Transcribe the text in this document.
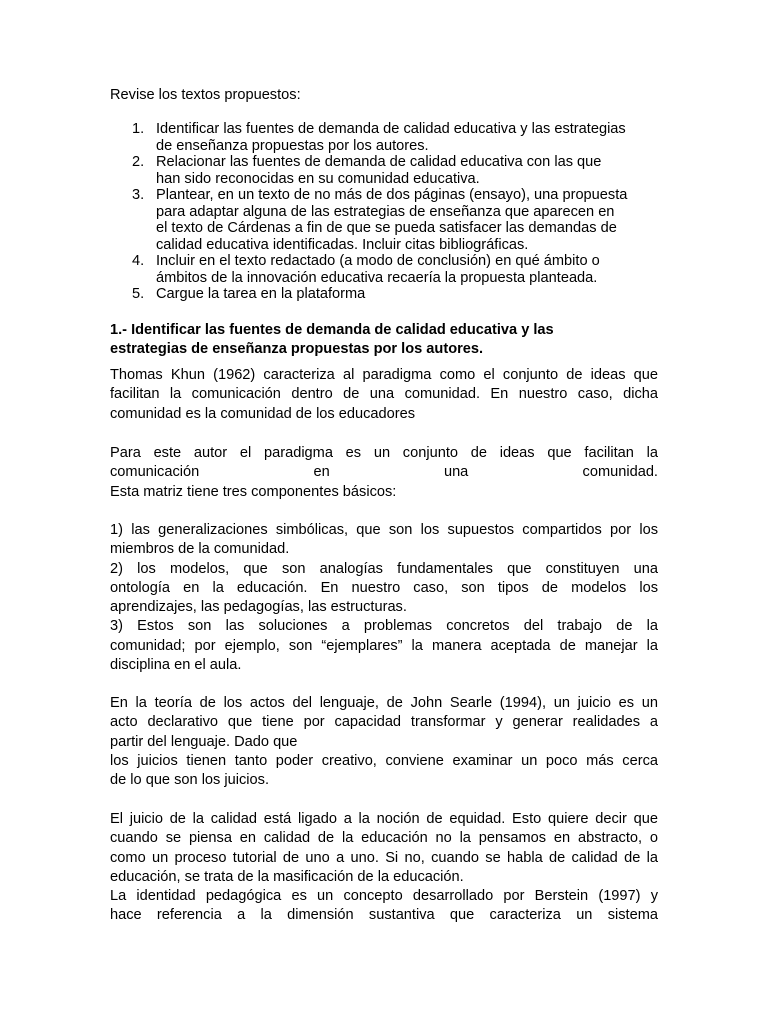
Revise los textos propuestos:
1. Identificar las fuentes de demanda de calidad educativa y las estrategias
de enseñanza propuestas por los autores.
2. Relacionar las fuentes de demanda de calidad educativa con las que
han sido reconocidas en su comunidad educativa.
3. Plantear, en un texto de no más de dos páginas (ensayo), una propuesta
para adaptar alguna de las estrategias de enseñanza que aparecen en
el texto de Cárdenas a fin de que se pueda satisfacer las demandas de
calidad educativa identificadas. Incluir citas bibliográficas.
4. Incluir en el texto redactado (a modo de conclusión) en qué ámbito o
ámbitos de la innovación educativa recaería la propuesta planteada.
5. Cargue la tarea en la plataforma
1.- Identificar las fuentes de demanda de calidad educativa y las
estrategias de enseñanza propuestas por los autores.
Thomas Khun (1962) caracteriza al paradigma como el conjunto de ideas que
facilitan la comunicación dentro de una comunidad. En nuestro caso, dicha
comunidad es la comunidad de los educadores
Para este autor el paradigma es un conjunto de ideas que facilitan la
comunicación en una comunidad.
Esta matriz tiene tres componentes básicos:
1) las generalizaciones simbólicas, que son los supuestos compartidos por los
miembros de la comunidad.
2) los modelos, que son analogías fundamentales que constituyen una
ontología en la educación. En nuestro caso, son tipos de modelos los
aprendizajes, las pedagogías, las estructuras.
3) Estos son las soluciones a problemas concretos del trabajo de la
comunidad; por ejemplo, son “ejemplares” la manera aceptada de manejar la
disciplina en el aula.
En la teoría de los actos del lenguaje, de John Searle (1994), un juicio es un
acto declarativo que tiene por capacidad transformar y generar realidades a
partir del lenguaje. Dado que
los juicios tienen tanto poder creativo, conviene examinar un poco más cerca
de lo que son los juicios.
El juicio de la calidad está ligado a la noción de equidad. Esto quiere decir que
cuando se piensa en calidad de la educación no la pensamos en abstracto, o
como un proceso tutorial de uno a uno. Si no, cuando se habla de calidad de la
educación, se trata de la masificación de la educación.
La identidad pedagógica es un concepto desarrollado por Berstein (1997) y
hace referencia a la dimensión sustantiva que caracteriza un sistema
